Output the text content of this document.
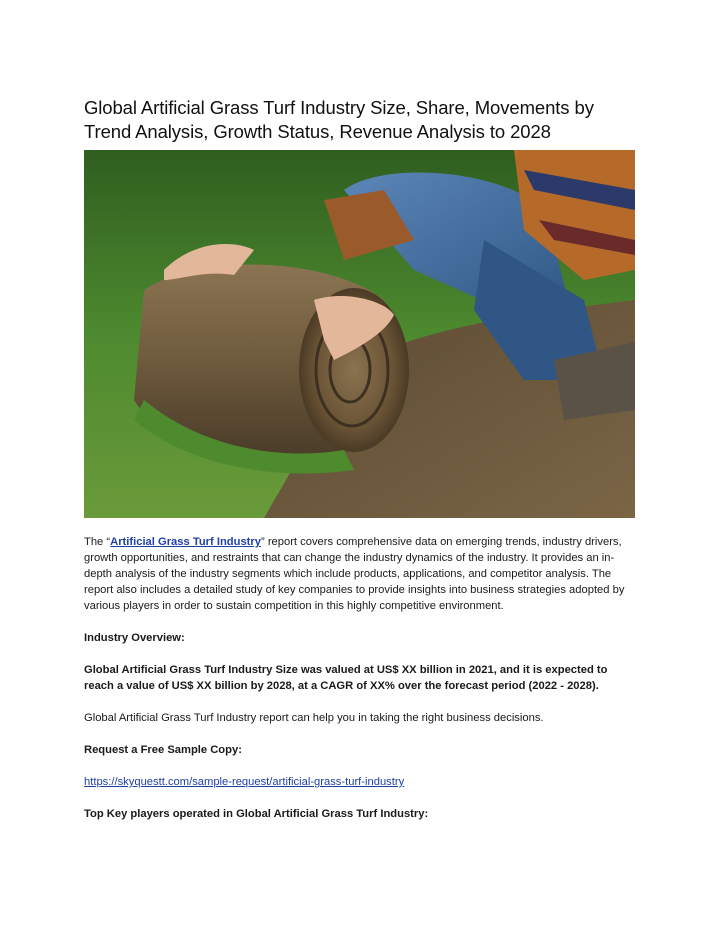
Global Artificial Grass Turf Industry Size, Share, Movements by Trend Analysis, Growth Status, Revenue Analysis to 2028

The “Artificial Grass Turf Industry” report covers comprehensive data on emerging trends, industry drivers, growth opportunities, and restraints that can change the industry dynamics of the industry. It provides an in-depth analysis of the industry segments which include products, applications, and competitor analysis. The report also includes a detailed study of key companies to provide insights into business strategies adopted by various players in order to sustain competition in this highly competitive environment.

Industry Overview:

Global Artificial Grass Turf Industry Size was valued at US$ XX billion in 2021, and it is expected to reach a value of US$ XX billion by 2028, at a CAGR of XX% over the forecast period (2022 - 2028).

Global Artificial Grass Turf Industry report can help you in taking the right business decisions.

Request a Free Sample Copy:

https://skyquestt.com/sample-request/artificial-grass-turf-industry

Top Key players operated in Global Artificial Grass Turf Industry:
